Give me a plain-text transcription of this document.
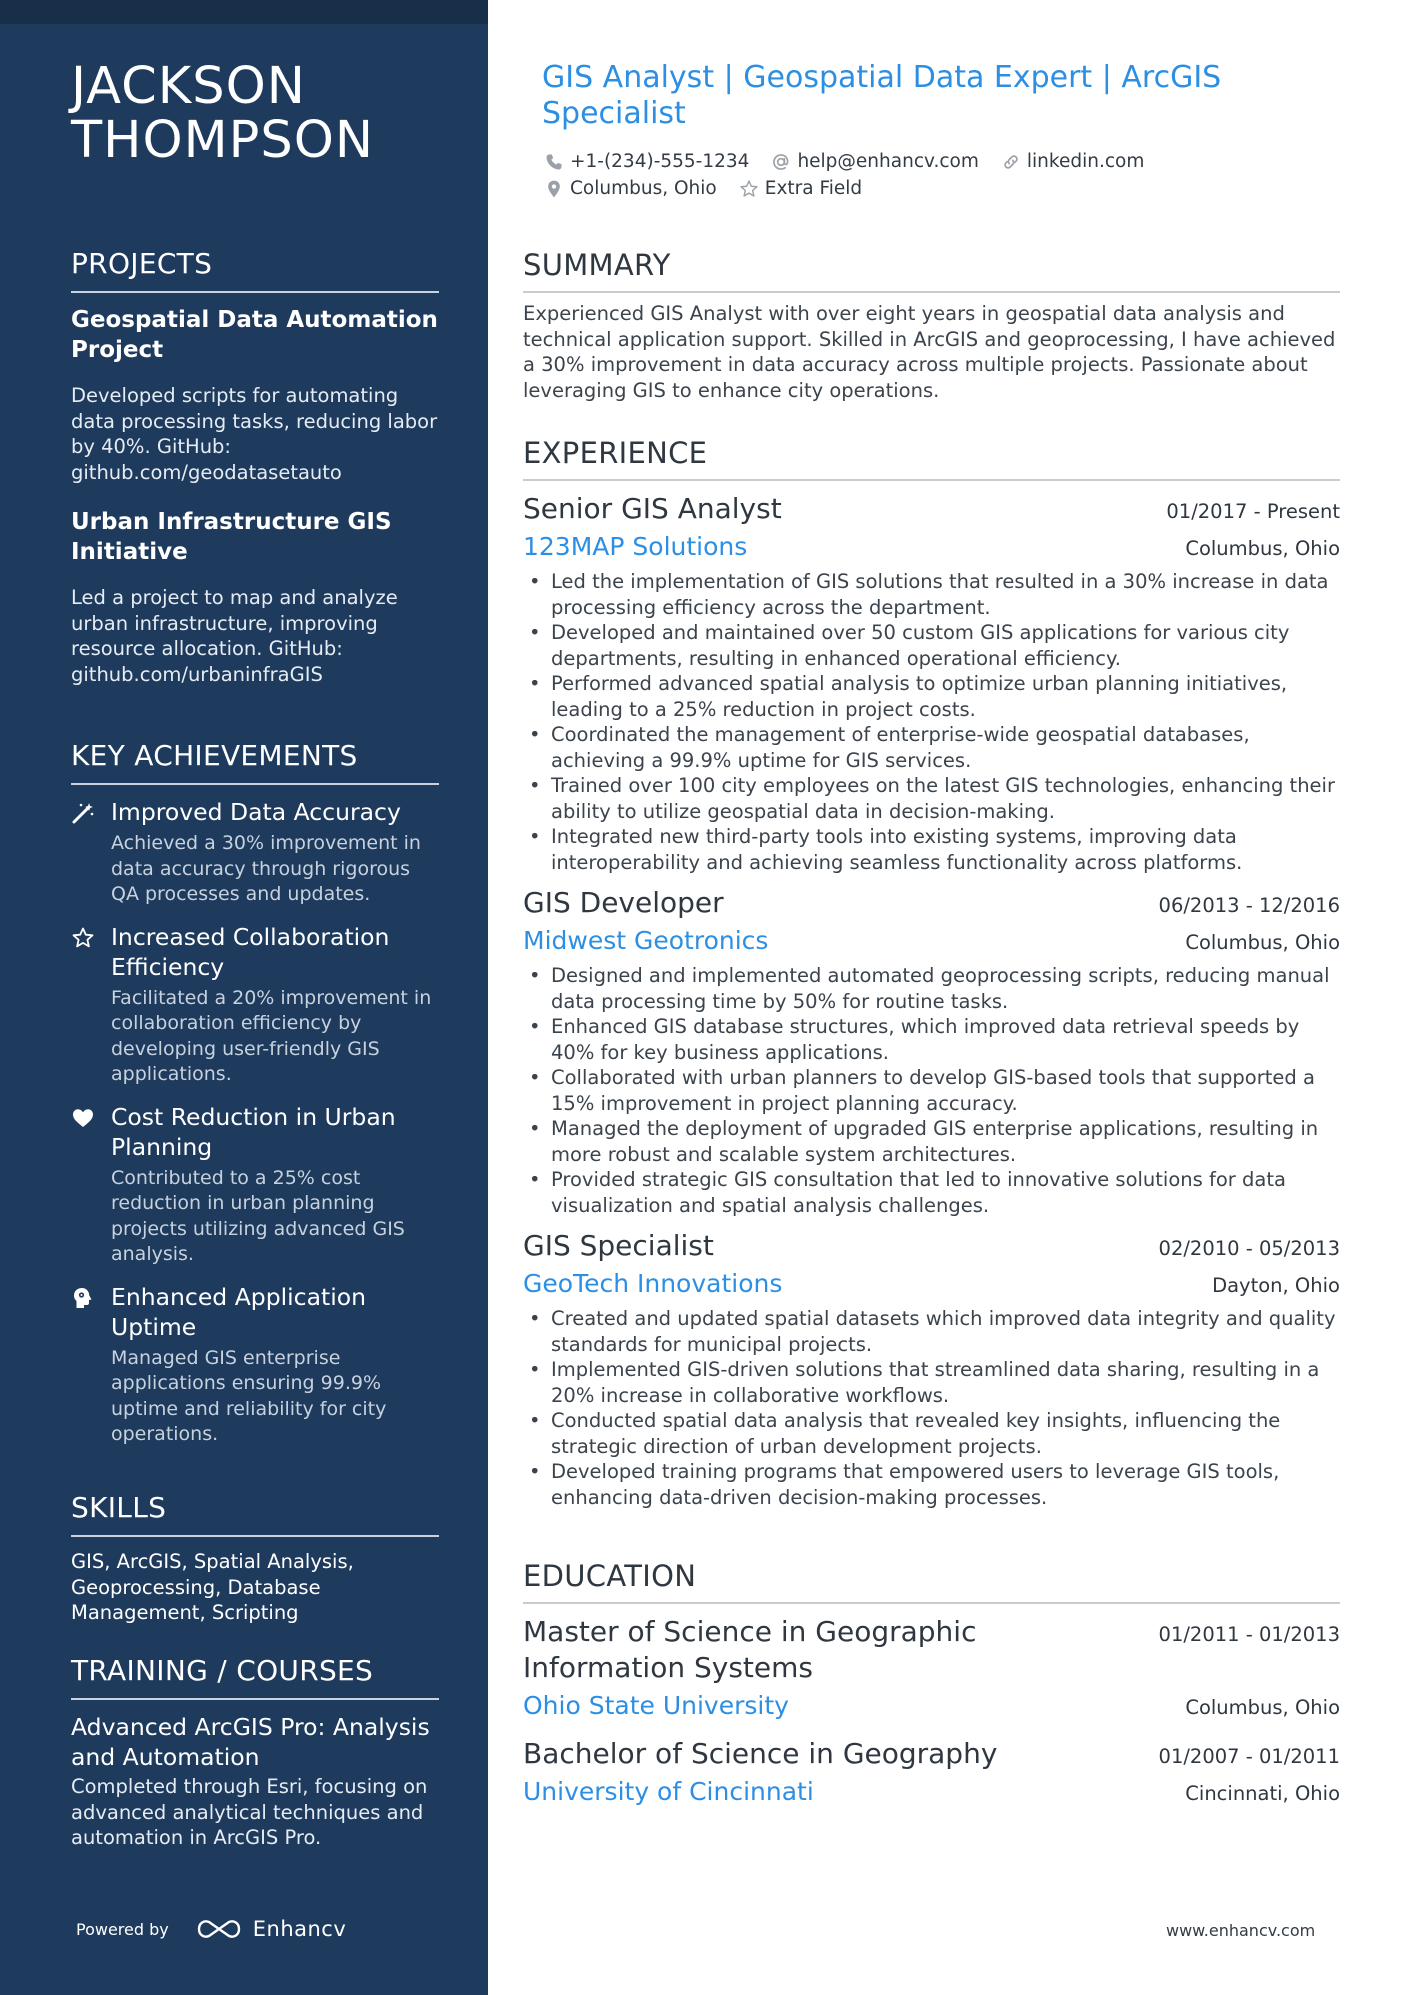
JACKSON
THOMPSON
PROJECTS
Geospatial Data Automation Project
Developed scripts for automating data processing tasks, reducing labor by 40%. GitHub: github.com/geodatasetauto
Urban Infrastructure GIS Initiative
Led a project to map and analyze urban infrastructure, improving resource allocation. GitHub: github.com/urbaninfraGIS
KEY ACHIEVEMENTS
Improved Data Accuracy
Achieved a 30% improvement in data accuracy through rigorous QA processes and updates.
Increased Collaboration Efficiency
Facilitated a 20% improvement in collaboration efficiency by developing user-friendly GIS applications.
Cost Reduction in Urban Planning
Contributed to a 25% cost reduction in urban planning projects utilizing advanced GIS analysis.
Enhanced Application Uptime
Managed GIS enterprise applications ensuring 99.9% uptime and reliability for city operations.
SKILLS
GIS, ArcGIS, Spatial Analysis, Geoprocessing, Database Management, Scripting
TRAINING / COURSES
Advanced ArcGIS Pro: Analysis and Automation
Completed through Esri, focusing on advanced analytical techniques and automation in ArcGIS Pro.
Powered by	Enhancv
GIS Analyst | Geospatial Data Expert | ArcGIS
Specialist
+1-(234)-555-1234	help@enhancv.com	linkedin.com
Columbus, Ohio	Extra Field
SUMMARY
Experienced GIS Analyst with over eight years in geospatial data analysis and technical application support. Skilled in ArcGIS and geoprocessing, I have achieved a 30% improvement in data accuracy across multiple projects. Passionate about leveraging GIS to enhance city operations.
EXPERIENCE
Senior GIS Analyst	01/2017 - Present
123MAP Solutions	Columbus, Ohio
• Led the implementation of GIS solutions that resulted in a 30% increase in data processing efficiency across the department.
• Developed and maintained over 50 custom GIS applications for various city departments, resulting in enhanced operational efficiency.
• Performed advanced spatial analysis to optimize urban planning initiatives, leading to a 25% reduction in project costs.
• Coordinated the management of enterprise-wide geospatial databases, achieving a 99.9% uptime for GIS services.
• Trained over 100 city employees on the latest GIS technologies, enhancing their ability to utilize geospatial data in decision-making.
• Integrated new third-party tools into existing systems, improving data interoperability and achieving seamless functionality across platforms.
GIS Developer	06/2013 - 12/2016
Midwest Geotronics	Columbus, Ohio
• Designed and implemented automated geoprocessing scripts, reducing manual data processing time by 50% for routine tasks.
• Enhanced GIS database structures, which improved data retrieval speeds by 40% for key business applications.
• Collaborated with urban planners to develop GIS-based tools that supported a 15% improvement in project planning accuracy.
• Managed the deployment of upgraded GIS enterprise applications, resulting in more robust and scalable system architectures.
• Provided strategic GIS consultation that led to innovative solutions for data visualization and spatial analysis challenges.
GIS Specialist	02/2010 - 05/2013
GeoTech Innovations	Dayton, Ohio
• Created and updated spatial datasets which improved data integrity and quality standards for municipal projects.
• Implemented GIS-driven solutions that streamlined data sharing, resulting in a 20% increase in collaborative workflows.
• Conducted spatial data analysis that revealed key insights, influencing the strategic direction of urban development projects.
• Developed training programs that empowered users to leverage GIS tools, enhancing data-driven decision-making processes.
EDUCATION
Master of Science in Geographic Information Systems
01/2011 - 01/2013
Ohio State University	Columbus, Ohio
Bachelor of Science in Geography	01/2007 - 01/2011
University of Cincinnati	Cincinnati, Ohio
www.enhancv.com
